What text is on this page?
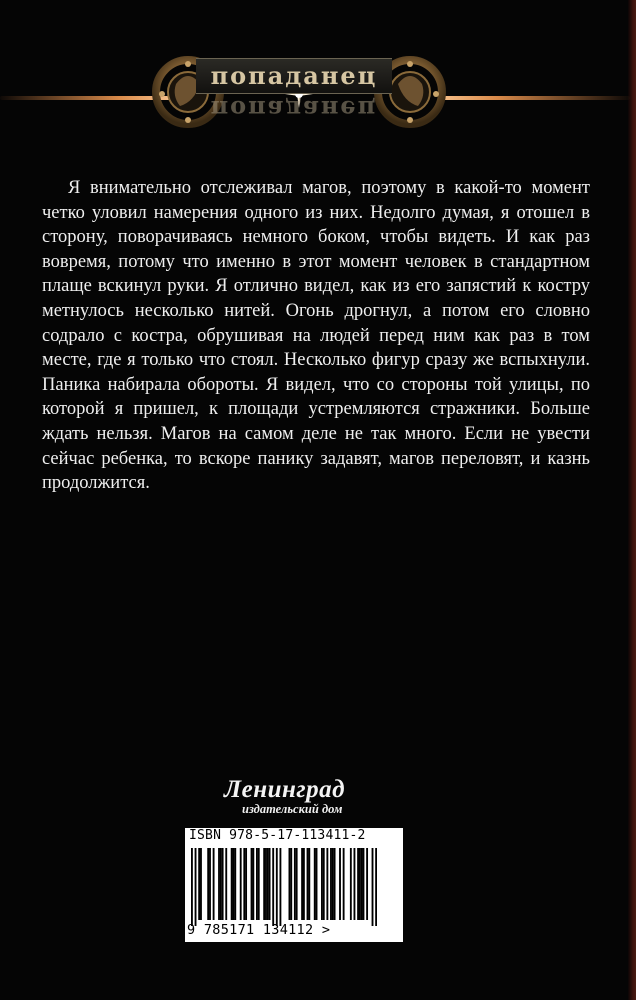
попаданец
попаданец

Я внимательно отслеживал магов, поэтому в какой-то момент четко уловил намерения одного из них. Недолго думая, я отошел в сторону, поворачиваясь немного боком, чтобы видеть. И как раз вовремя, потому что именно в этот момент человек в стандартном плаще вскинул руки. Я отлично видел, как из его запястий к костру метнулось несколько нитей. Огонь дрогнул, а потом его словно содрало с костра, обрушивая на людей перед ним как раз в том месте, где я только что стоял. Несколько фигур сразу же вспыхнули. Паника набирала обороты. Я видел, что со стороны той улицы, по которой я пришел, к площади устремляются стражники. Больше ждать нельзя. Магов на самом деле не так много. Если не увести сейчас ребенка, то вскоре панику задавят, магов переловят, и казнь продолжится.

Ленинград
издательский дом
ISBN 978-5-17-113411-2
9 785171 134112 >
